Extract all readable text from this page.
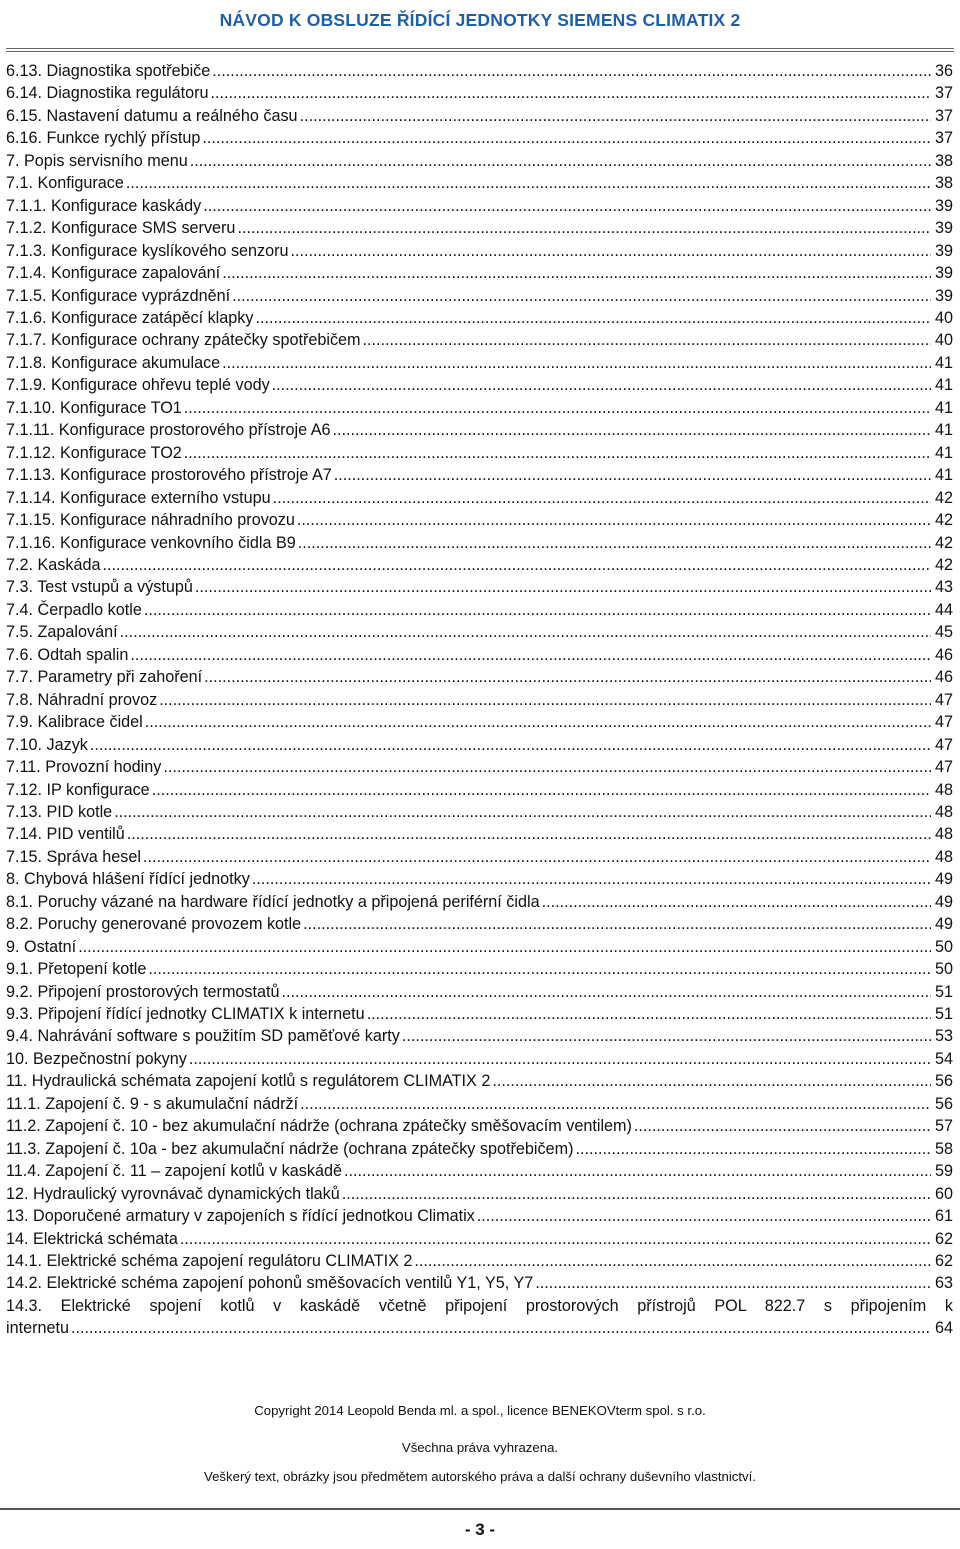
NÁVOD K OBSLUZE ŘÍDÍCÍ JEDNOTKY SIEMENS CLIMATIX 2
6.13. Diagnostika spotřebiče .....	36
6.14. Diagnostika regulátoru .....	37
6.15. Nastavení datumu a reálného času .....	37
6.16. Funkce rychlý přístup .....	37
7. Popis servisního menu .....	38
7.1. Konfigurace .....	38
7.1.1. Konfigurace kaskády .....	39
7.1.2. Konfigurace SMS serveru .....	39
7.1.3. Konfigurace kyslíkového senzoru .....	39
7.1.4. Konfigurace zapalování .....	39
7.1.5. Konfigurace vyprázdnění .....	39
7.1.6. Konfigurace zatápěcí klapky .....	40
7.1.7. Konfigurace ochrany zpátečky spotřebičem .....	40
7.1.8. Konfigurace akumulace .....	41
7.1.9. Konfigurace ohřevu teplé vody .....	41
7.1.10. Konfigurace TO1 .....	41
7.1.11. Konfigurace prostorového přístroje A6 .....	41
7.1.12. Konfigurace TO2 .....	41
7.1.13. Konfigurace prostorového přístroje A7 .....	41
7.1.14. Konfigurace externího vstupu .....	42
7.1.15. Konfigurace náhradního provozu .....	42
7.1.16. Konfigurace venkovního čidla B9 .....	42
7.2. Kaskáda .....	42
7.3. Test vstupů a výstupů .....	43
7.4. Čerpadlo kotle .....	44
7.5. Zapalování .....	45
7.6. Odtah spalin .....	46
7.7. Parametry při zahoření .....	46
7.8. Náhradní provoz .....	47
7.9. Kalibrace čidel .....	47
7.10. Jazyk .....	47
7.11. Provozní hodiny .....	47
7.12. IP konfigurace .....	48
7.13. PID kotle .....	48
7.14. PID ventilů .....	48
7.15. Správa hesel .....	48
8. Chybová hlášení řídící jednotky .....	49
8.1. Poruchy vázané na hardware řídící jednotky a připojená periférní čidla .....	49
8.2. Poruchy generované provozem kotle .....	49
9. Ostatní .....	50
9.1. Přetopení kotle .....	50
9.2. Připojení prostorových termostatů .....	51
9.3. Připojení řídící jednotky CLIMATIX k internetu .....	51
9.4. Nahrávání software s použitím SD paměťové karty .....	53
10. Bezpečnostní pokyny .....	54
11. Hydraulická schémata zapojení kotlů s regulátorem CLIMATIX 2 .....	56
11.1. Zapojení č. 9 - s akumulační nádrží .....	56
11.2. Zapojení č. 10 - bez akumulační nádrže (ochrana zpátečky směšovacím ventilem) .....	57
11.3. Zapojení č. 10a - bez akumulační nádrže (ochrana zpátečky spotřebičem) .....	58
11.4. Zapojení č. 11 – zapojení kotlů v kaskádě .....	59
12. Hydraulický vyrovnávač dynamických tlaků .....	60
13. Doporučené armatury v zapojeních s řídící jednotkou Climatix .....	61
14. Elektrická schémata .....	62
14.1. Elektrické schéma zapojení regulátoru CLIMATIX 2 .....	62
14.2. Elektrické schéma zapojení pohonů směšovacích ventilů Y1, Y5, Y7 .....	63
14.3. Elektrické spojení kotlů v kaskádě včetně připojení prostorových přístrojů POL 822.7 s připojením k
internetu .....	64
Copyright 2014 Leopold Benda ml. a spol., licence BENEKOVterm spol. s r.o.
Všechna práva vyhrazena.
Veškerý text, obrázky jsou předmětem autorského práva a další ochrany duševního vlastnictví.
- 3 -
